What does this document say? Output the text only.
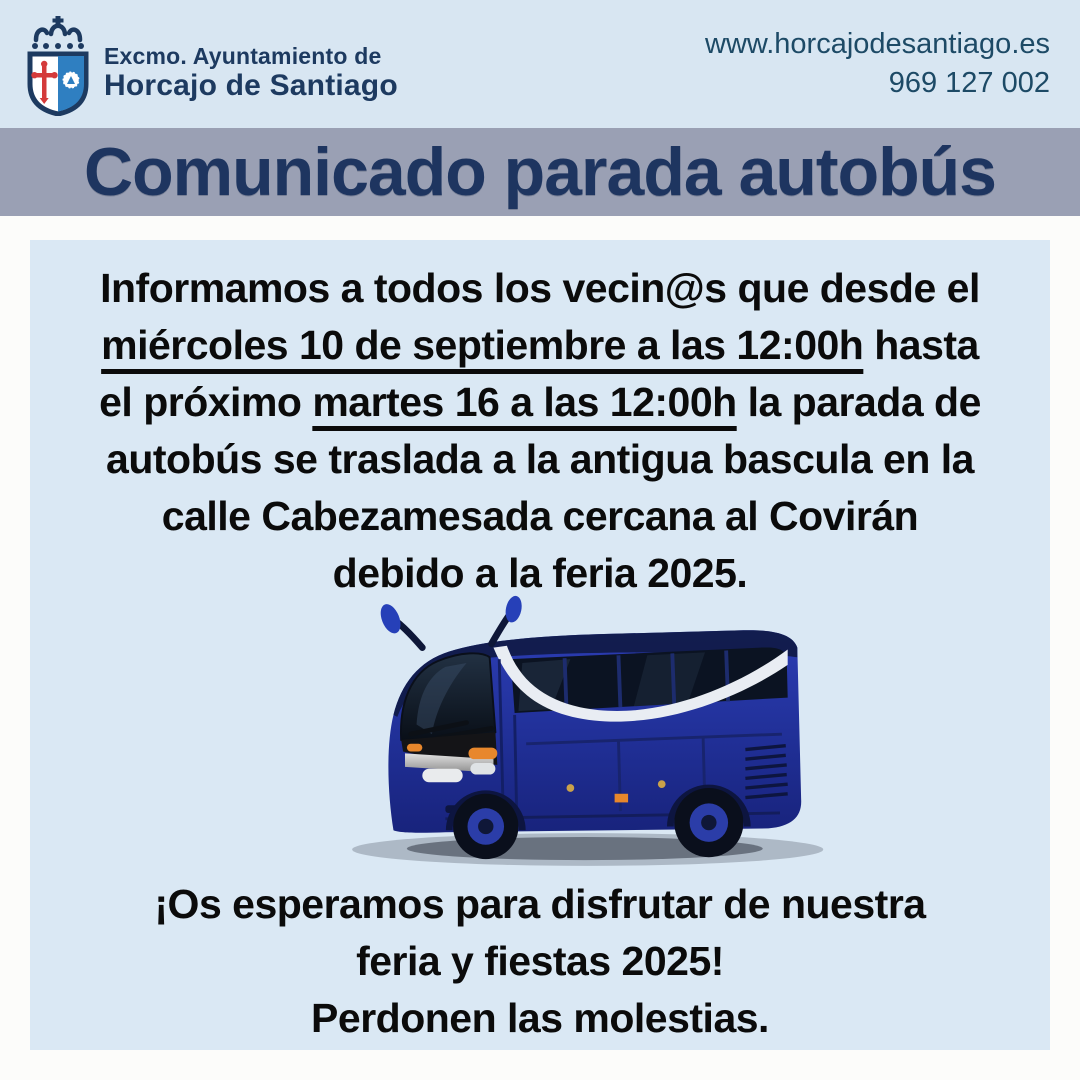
Excmo. Ayuntamiento de
Horcajo de Santiago
www.horcajodesantiago.es
969 127 002
Comunicado parada autobús
Informamos a todos los vecin@s que desde el
miércoles 10 de septiembre a las 12:00h hasta
el próximo martes 16 a las 12:00h la parada de
autobús se traslada a la antigua bascula en la
calle Cabezamesada cercana al Covirán
debido a la feria 2025.
¡Os esperamos para disfrutar de nuestra
feria y fiestas 2025!
Perdonen las molestias.
